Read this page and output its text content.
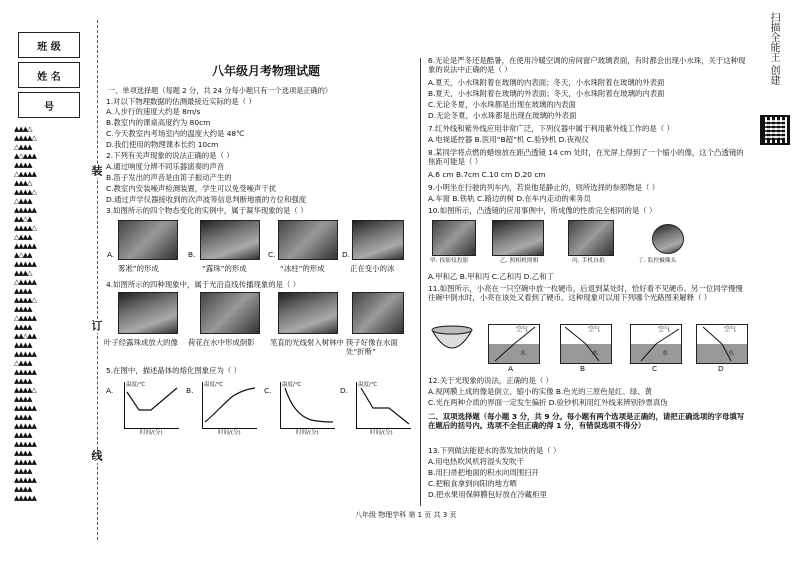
班 级
姓 名
号
▲▲▲△
▲▲▲▲△
△▲▲▲
▲△▲▲▲
▲▲▲▲
△▲▲▲▲
▲▲▲△
▲▲▲▲△
△▲▲▲
▲▲▲▲▲
▲▲△▲
▲▲▲▲△
△▲▲▲
▲▲▲▲▲
▲△▲▲
▲▲▲▲▲
▲▲▲△
△▲▲▲▲
▲▲▲▲
▲▲▲▲△
▲▲▲▲
△▲▲▲▲
▲▲▲▲
▲▲△▲▲
▲▲▲▲
▲▲▲▲▲
△▲▲▲
▲▲▲▲▲
▲▲▲▲
▲▲▲▲△
▲▲▲▲
▲▲▲▲▲
▲▲▲▲
▲▲▲▲▲
▲▲▲▲
▲▲▲▲▲
▲▲▲▲
▲▲▲▲▲
▲▲▲▲
▲▲▲▲▲
▲▲▲▲
▲▲▲▲▲
装
订
线
八年级月考物理试题
一、单项选择题（每题 2 分，共 24 分每小题只有一个选项是正确的）
1.对以下物理数据的估测最接近实际的是（ ）
A.人步行的速度大约是 8m/s
B.教室内的课桌高度约为 80cm
C.今天教室内考场室内的温度大约是 48℃
D.我们使用的物理课本长约 10cm
2.下列有关声现象的说法正确的是（ ）
A.通过响度分辨不同乐器演奏的声音
B.笛子发出的声音是由笛子振动产生的
C.教室内安装噪声检测装置，学生可以免受噪声干扰
D.通过声学仪器接收到的次声波等信息判断地震的方位和强度
3.如图所示的四个物态变化的实例中，属于凝华现象的是（ ）
A.	B.	C.	D.
雾凇”的形成	“露珠”的形成	“冰柱”的形成	正在变小的冰
4.如图所示的四种现象中，属于光沿直线传播现象的是（ ）
叶子经露珠成放大的像	荷花在水中形成倒影	笔直的光线射入树林中 筷子好像在水面处“折断”
5.在图中，描述晶体的熔化图象应为（ ）
A.
温度/℃
时间/(分)
B.
温度/℃
时间/(分)
C.
温度/℃
时间/(分)
D.
温度/℃
时间/(分)
6.无论是严冬还是酷暑，在使用冷暖空调的房间窗户玻璃表面，有时都会出现小水珠，关于这种现象的说法中正确的是（ ）
A.夏天，小水珠附着在玻璃的内表面；冬天，小水珠附着在玻璃的外表面
B.夏天，小水珠附着在玻璃的外表面；冬天，小水珠附着在玻璃的内表面
C.无论冬夏，小水珠都是出现在玻璃的内表面
D.无论冬夏，小水珠都是出现在玻璃的外表面
7.红外线和紫外线应用非常广泛，下列仪器中属于利用紫外线工作的是（ ）
A.电视遥控器 B.医用“B超”机 C.验钞机 D.夜视仪
8.某同学将点燃的蜡烛放在距凸透镜 14 cm 处时，在光屏上得到了一个缩小的像，这个凸透镜的焦距可能是（ ）
A.6 cm B.7cm C.10 cm D.20 cm
9.小明坐在行驶的列车内，若说他是静止的，则所选择的参照物是（ ）
A.车窗 B.铁轨 C.路边的树 D.在车内走动的乘务员
10.如图所示，凸透镜的应用事例中，所成像的性质完全相同的是（ ）
甲. 投影仪投影	乙. 照相机照相	丙. 手机自拍	丁. 监控摄像头
A.甲和乙 B.甲和丙 C.乙和丙 D.乙和丁
11.如图所示，小亮在一只空碗中放一枚硬币，后退到某处时，恰好看不见硬币。另一位同学慢慢往碗中倒水时，小亮在该处又看到了硬币。这种现象可以用下列哪个光路图来解释（ ）
空气	空气	空气	空气
水	水	水	水
A	B	C	D
12.关于光现象的说法，正确的是（ ）
A.视网膜上成的像是倒立、缩小的实像 B.色光的三原色是红、绿、黄
C.光在两种介质的界面一定发生偏折 D.验钞机利用红外线来辨别钞票真伪
二、双项选择题（每小题 3 分，共 9 分。每小题有两个选项是正确的，请把正确选项的字母填写在题后的括号内。选项不全但正确的得 1 分，有错误选项不得分）
13.下列做法能使水的蒸发加快的是（ ）
A.用电热吹风机将湿头发吹干
B.用扫帚把地面的积水向周围扫开
C.把粮食拿到向阳的地方晒
D.把水果用保鲜膜包好放在冷藏柜里
扫描全能王 创建
八年级 物理学科 第 1 页 共 3 页
